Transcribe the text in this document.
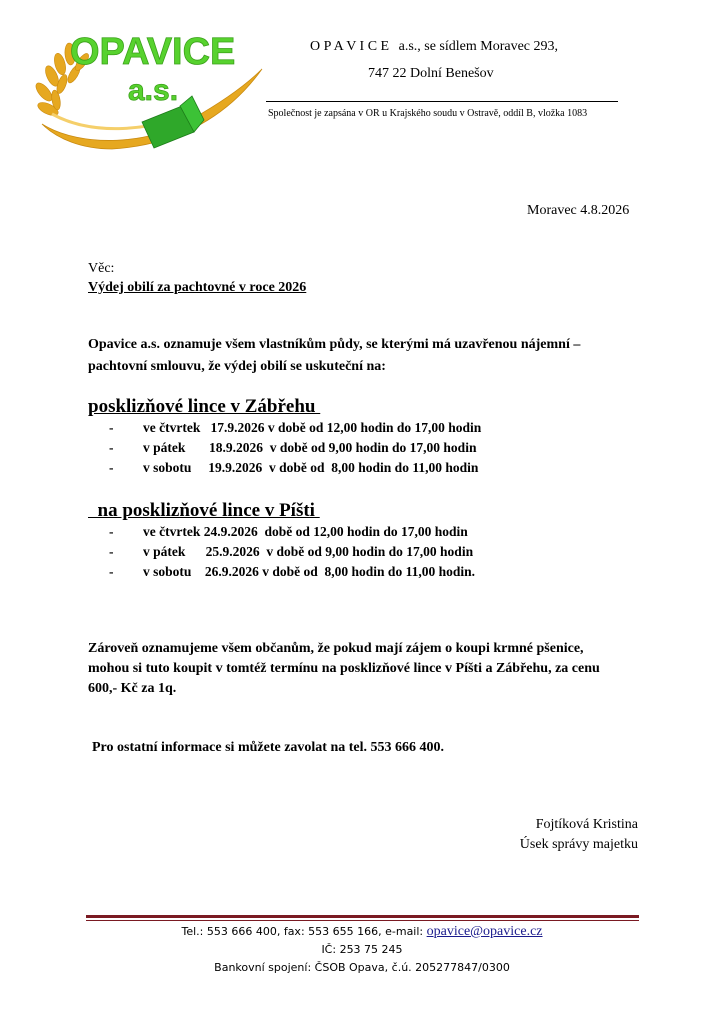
OPAVICE
a.s.
O P A V I C E a.s., se sídlem Moravec 293,
747 22 Dolní Benešov
Společnost je zapsána v OR u Krajského soudu v Ostravě, oddíl B, vložka 1083
Moravec 4.8.2026
Věc:
Výdej obilí za pachtovné v roce 2026
Opavice a.s. oznamuje všem vlastníkům půdy, se kterými má uzavřenou nájemní –
pachtovní smlouvu, že výdej obilí se uskuteční na:
posklizňové lince v Zábřehu
- ve čtvrtek   17.9.2026 v době od 12,00 hodin do 17,00 hodin
- v pátek       18.9.2026  v době od 9,00 hodin do 17,00 hodin
- v sobotu     19.9.2026  v době od  8,00 hodin do 11,00 hodin
na posklizňové lince v Píšti
- ve čtvrtek 24.9.2026  době od 12,00 hodin do 17,00 hodin
- v pátek      25.9.2026  v době od 9,00 hodin do 17,00 hodin
- v sobotu    26.9.2026 v době od  8,00 hodin do 11,00 hodin.
Zároveň oznamujeme všem občanům, že pokud mají zájem o koupi krmné pšenice,
mohou si tuto koupit v tomtéž termínu na posklizňové lince v Píšti a Zábřehu, za cenu
600,- Kč za 1q.
Pro ostatní informace si můžete zavolat na tel. 553 666 400.
Fojtíková Kristina
Úsek správy majetku
Tel.: 553 666 400, fax: 553 655 166, e-mail: opavice@opavice.cz
IČ: 253 75 245
Bankovní spojení: ČSOB Opava, č.ú. 205277847/0300
